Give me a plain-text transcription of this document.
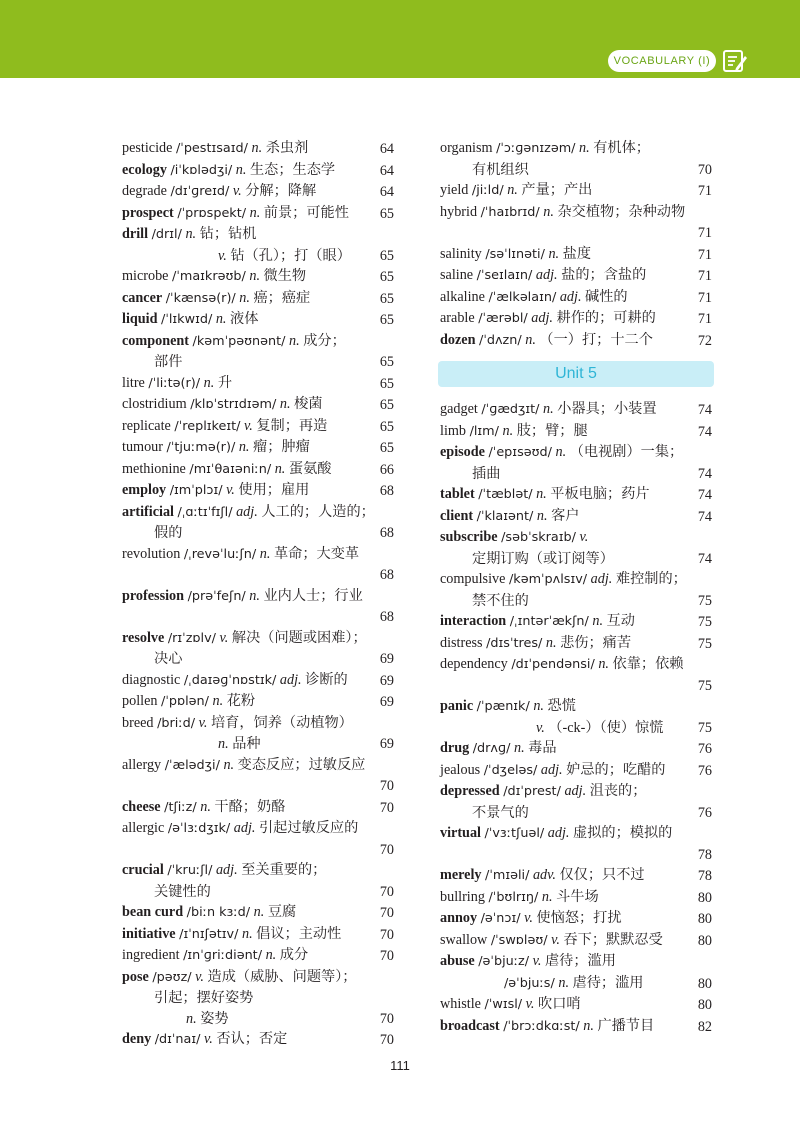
VOCABULARY (I)
pesticide /ˈpestɪsaɪd/ n. 杀虫剂	64
ecology /iˈkɒlədʒi/ n. 生态；生态学	64
degrade /dɪˈɡreɪd/ v. 分解；降解	64
prospect /ˈprɒspekt/ n. 前景；可能性 65
drill /drɪl/ n. 钻；钻机
v. 钻（孔）；打（眼）	65
microbe /ˈmaɪkrəʊb/ n. 微生物	65
cancer /ˈkænsə(r)/ n. 癌；癌症	65
liquid /ˈlɪkwɪd/ n. 液体	65
component /kəmˈpəʊnənt/ n. 成分；
部件	65
litre /ˈliːtə(r)/ n. 升	65
clostridium /klɒˈstrɪdɪəm/ n. 梭菌	65
replicate /ˈreplɪkeɪt/ v. 复制；再造	65
tumour /ˈtjuːmə(r)/ n. 瘤；肿瘤	65
methionine /mɪˈθaɪəniːn/ n. 蛋氨酸	66
employ /ɪmˈplɔɪ/ v. 使用；雇用	68
artificial /ˌɑːtɪˈfɪʃl/ adj. 人工的；人造的；
假的	68
revolution /ˌrevəˈluːʃn/ n. 革命；大变革

68
profession /prəˈfeʃn/ n. 业内人士；行业

68
resolve /rɪˈzɒlv/ v. 解决（问题或困难）；
决心	69
diagnostic /ˌdaɪəɡˈnɒstɪk/ adj. 诊断的 69
pollen /ˈpɒlən/ n. 花粉	69
breed /briːd/ v. 培育，饲养（动植物）
n. 品种	69
allergy /ˈælədʒi/ n. 变态反应；过敏反应

70
cheese /tʃiːz/ n. 干酪；奶酪	70
allergic /əˈlɜːdʒɪk/ adj. 引起过敏反应的

70
crucial /ˈkruːʃl/ adj. 至关重要的；
关键性的	70
bean curd /biːn kɜːd/ n. 豆腐	70
initiative /ɪˈnɪʃətɪv/ n. 倡议；主动性	70
ingredient /ɪnˈɡriːdiənt/ n. 成分	70
pose /pəʊz/ v. 造成（威胁、问题等）；
引起；摆好姿势
n. 姿势	70
deny /dɪˈnaɪ/ v. 否认；否定	70
organism /ˈɔːɡənɪzəm/ n. 有机体；
有机组织	70
yield /jiːld/ n. 产量；产出	71
hybrid /ˈhaɪbrɪd/ n. 杂交植物；杂种动物

71
salinity /səˈlɪnəti/ n. 盐度	71
saline /ˈseɪlaɪn/ adj. 盐的；含盐的	71
alkaline /ˈælkəlaɪn/ adj. 碱性的	71
arable /ˈærəbl/ adj. 耕作的；可耕的	71
dozen /ˈdʌzn/ n. （一）打；十二个	72
Unit 5
gadget /ˈɡædʒɪt/ n. 小器具；小装置	74
limb /lɪm/ n. 肢；臂；腿	74
episode /ˈepɪsəʊd/ n. （电视剧）一集；
插曲	74
tablet /ˈtæblət/ n. 平板电脑；药片	74
client /ˈklaɪənt/ n. 客户	74
subscribe /səbˈskraɪb/ v.
定期订购（或订阅等）	74
compulsive /kəmˈpʌlsɪv/ adj. 难控制的；
禁不住的	75
interaction /ˌɪntərˈækʃn/ n. 互动	75
distress /dɪsˈtres/ n. 悲伤；痛苦	75
dependency /dɪˈpendənsi/ n. 依靠；依赖

75
panic /ˈpænɪk/ n. 恐慌
v. （-ck-）（使）惊慌	75
drug /drʌɡ/ n. 毒品	76
jealous /ˈdʒeləs/ adj. 妒忌的；吃醋的 76
depressed /dɪˈprest/ adj. 沮丧的；
不景气的	76
virtual /ˈvɜːtʃuəl/ adj. 虚拟的；模拟的

78
merely /ˈmɪəli/ adv. 仅仅；只不过	78
bullring /ˈbʊlrɪŋ/ n. 斗牛场	80
annoy /əˈnɔɪ/ v. 使恼怒；打扰	80
swallow /ˈswɒləʊ/ v. 吞下；默默忍受 80
abuse /əˈbjuːz/ v. 虐待；滥用
/əˈbjuːs/ n. 虐待；滥用	80
whistle /ˈwɪsl/ v. 吹口哨	80
broadcast /ˈbrɔːdkɑːst/ n. 广播节目	82
111
